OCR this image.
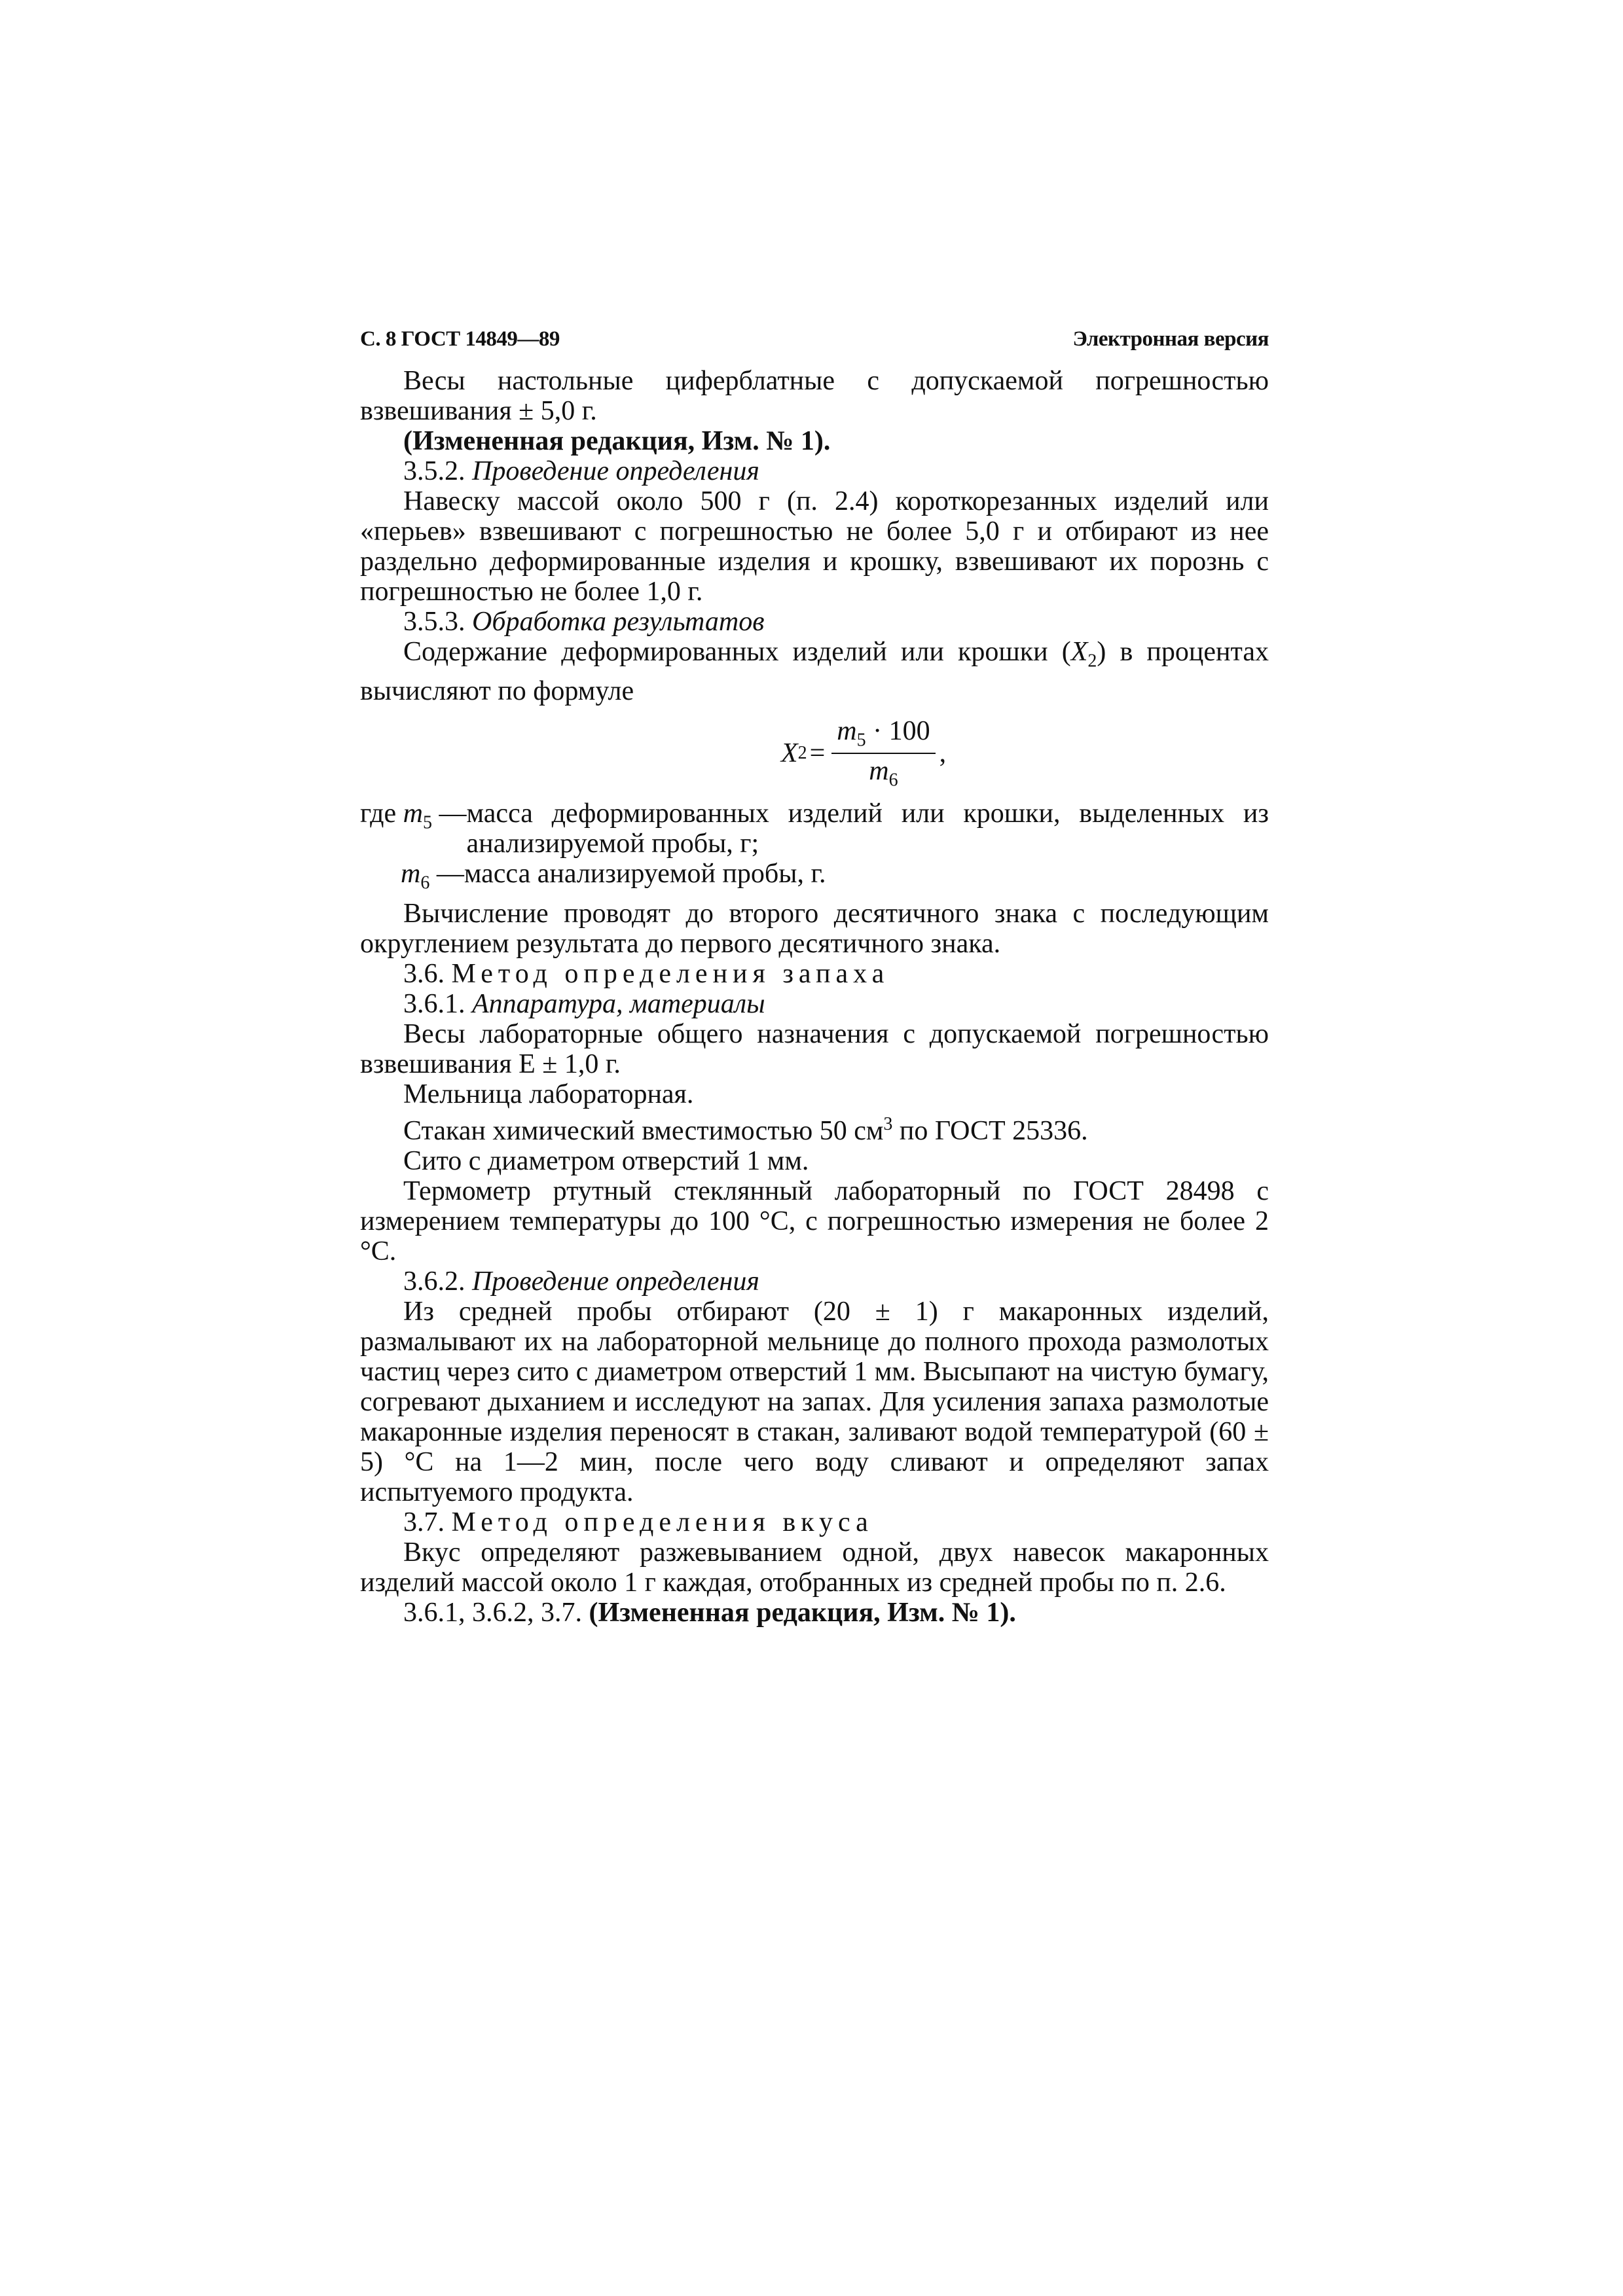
С. 8 ГОСТ 14849—89	Электронная версия

Весы настольные циферблатные с допускаемой погрешностью взвешивания ± 5,0 г.

(Измененная редакция, Изм. № 1).

3.5.2. Проведение определения

Навеску массой около 500 г (п. 2.4) короткорезанных изделий или «перьев» взвешивают с погрешностью не более 5,0 г и отбирают из нее раздельно деформированные изделия и крошку, взвешивают их порознь с погрешностью не более 1,0 г.

3.5.3. Обработка результатов

Содержание деформированных изделий или крошки $(X_2)$ в процентах вычисляют по формуле

X $2 = \frac{m_5 \cdot 100}{m_6}$ ,
где $m_5$ — масса деформированных изделий или крошки, выделенных из анализируемой пробы, г;
$m_6$ — масса анализируемой пробы, г.

Вычисление проводят до второго десятичного знака с последующим округлением результата до первого десятичного знака.

3.6. Метод определения запаха

3.6.1. Аппаратура, материалы

Весы лабораторные общего назначения с допускаемой погрешностью взвешивания Е ± 1,0 г.

Мельница лабораторная.

Стакан химический вместимостью 50 $см^3$ по ГОСТ 25336.

Сито с диаметром отверстий 1 мм.

Термометр ртутный стеклянный лабораторный по ГОСТ 28498 с измерением температуры до 100 °С, с погрешностью измерения не более 2 °С.

3.6.2. Проведение определения

Из средней пробы отбирают (20 ± 1) г макаронных изделий, размалывают их на лабораторной мельнице до полного прохода размолотых частиц через сито с диаметром отверстий 1 мм. Высыпают на чистую бумагу, согревают дыханием и исследуют на запах. Для усиления запаха размолотые макаронные изделия переносят в стакан, заливают водой температурой (60 ± 5) °С на 1—2 мин, после чего воду сливают и определяют запах испытуемого продукта.

3.7. Метод определения вкуса

Вкус определяют разжевыванием одной, двух навесок макаронных изделий массой около 1 г каждая, отобранных из средней пробы по п. 2.6.

3.6.1, 3.6.2, 3.7. (Измененная редакция, Изм. № 1).
